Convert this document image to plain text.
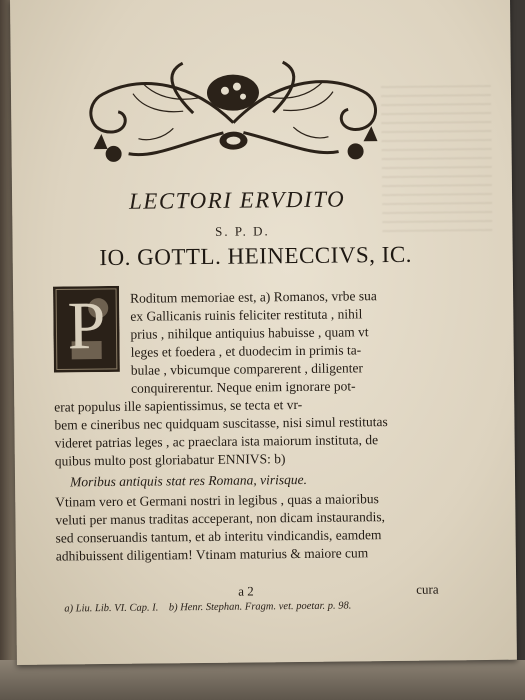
LECTORI ERVDITO
S. P. D.
IO. GOTTL. HEINECCIVS, IC.
P Roditum memoriae est, a) Romanos, vrbe sua
ex Gallicanis ruinis feliciter restituta , nihil
prius , nihilque antiquius habuisse , quam vt
leges et foedera , et duodecim in primis ta-
bulae , vbicumque comparerent , diligenter
conquirerentur. Neque enim ignorare pot-
erat populus ille sapientissimus, se tecta et vr-
bem e cineribus nec quidquam suscitasse, nisi simul restitutas
videret patrias leges , ac praeclara ista maiorum instituta, de
quibus multo post gloriabatur ENNIVS: b)
Moribus antiquis stat res Romana, virisque.
Vtinam vero et Germani nostri in legibus , quas a maioribus
veluti per manus traditas acceperant, non dicam instaurandis,
sed conseruandis tantum, et ab interitu vindicandis, eamdem
adhibuissent diligentiam! Vtinam maturius & maiore cum
a 2	cura
a) Liu. Lib. VI. Cap. I. b) Henr. Stephan. Fragm. vet. poetar. p. 98.
